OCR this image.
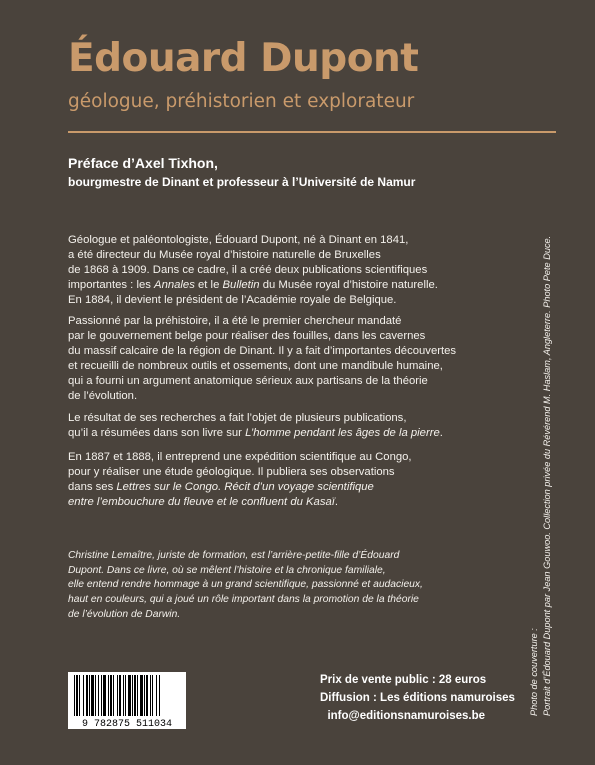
Édouard Dupont
géologue, préhistorien et explorateur
Préface d’Axel Tixhon,
bourgmestre de Dinant et professeur à l’Université de Namur
Géologue et paléontologiste, Édouard Dupont, né à Dinant en 1841,
a été directeur du Musée royal d’histoire naturelle de Bruxelles
de 1868 à 1909. Dans ce cadre, il a créé deux publications scientifiques
importantes : les Annales et le Bulletin du Musée royal d’histoire naturelle.
En 1884, il devient le président de l’Académie royale de Belgique.
Passionné par la préhistoire, il a été le premier chercheur mandaté
par le gouvernement belge pour réaliser des fouilles, dans les cavernes
du massif calcaire de la région de Dinant. Il y a fait d’importantes découvertes
et recueilli de nombreux outils et ossements, dont une mandibule humaine,
qui a fourni un argument anatomique sérieux aux partisans de la théorie
de l’évolution.
Le résultat de ses recherches a fait l’objet de plusieurs publications,
qu’il a résumées dans son livre sur L’homme pendant les âges de la pierre.
En 1887 et 1888, il entreprend une expédition scientifique au Congo,
pour y réaliser une étude géologique. Il publiera ses observations
dans ses Lettres sur le Congo. Récit d’un voyage scientifique
entre l’embouchure du fleuve et le confluent du Kasaï.
Christine Lemaître, juriste de formation, est l’arrière-petite-fille d’Édouard
Dupont. Dans ce livre, où se mêlent l’histoire et la chronique familiale,
elle entend rendre hommage à un grand scientifique, passionné et audacieux,
haut en couleurs, qui a joué un rôle important dans la promotion de la théorie
de l’évolution de Darwin.
9 782875 511034
Prix de vente public : 28 euros
Diffusion : Les éditions namuroises
info@editionsnamuroises.be	Photo de couverture : Portrait d’Édouard Dupont par Jean Gouwoo. Collection privée du Révérend M. Haslam, Angleterre. Photo Pete Duce.
